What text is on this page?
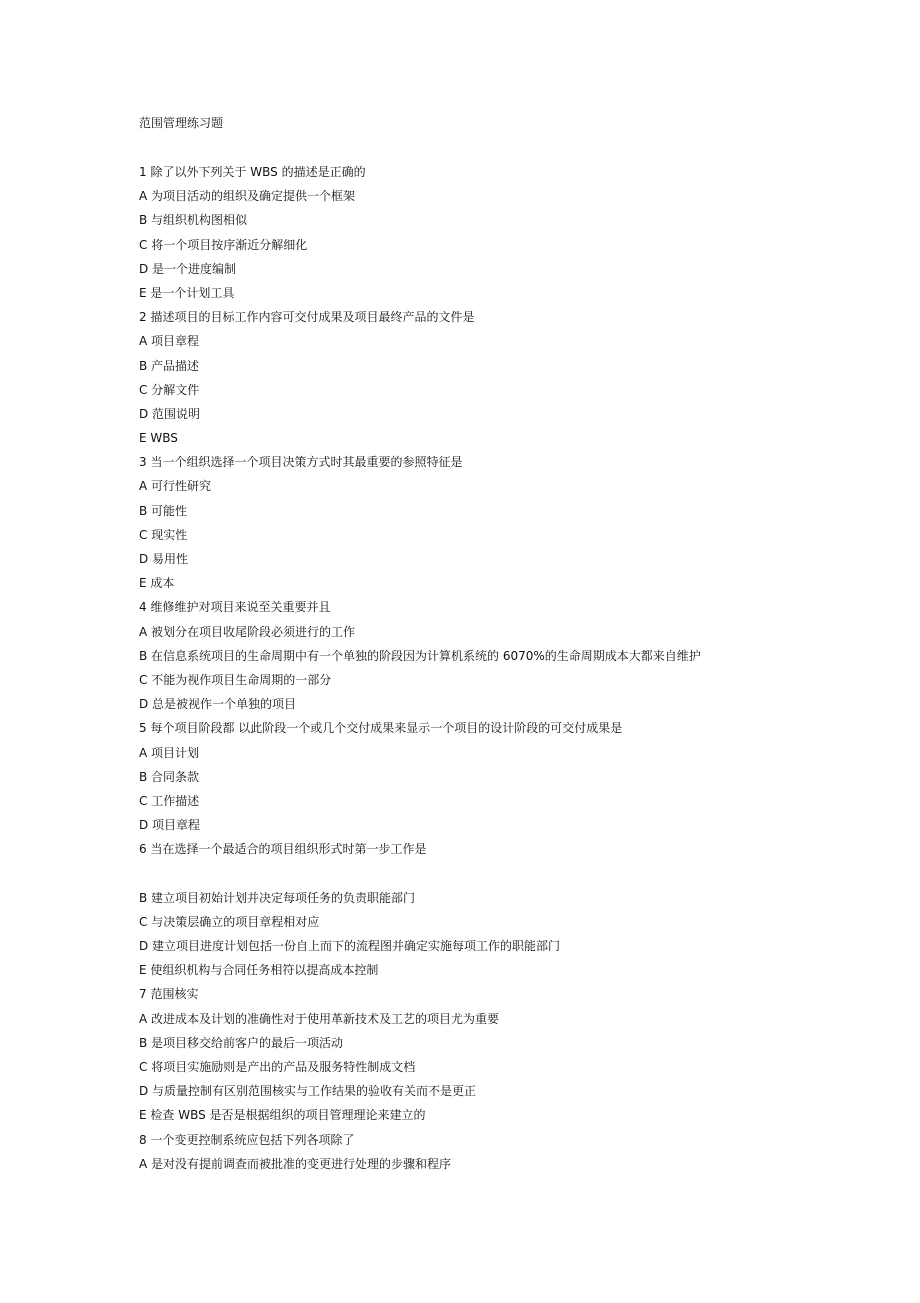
范围管理练习题
1 除了以外下列关于 WBS 的描述是正确的
A 为项目活动的组织及确定提供一个框架
B 与组织机构图相似
C 将一个项目按序渐近分解细化
D 是一个进度编制
E 是一个计划工具
2 描述项目的目标工作内容可交付成果及项目最终产品的文件是
A 项目章程
B 产品描述
C 分解文件
D 范围说明
E WBS
3 当一个组织选择一个项目决策方式时其最重要的参照特征是
A 可行性研究
B 可能性
C 现实性
D 易用性
E 成本
4 维修维护对项目来说至关重要并且
A 被划分在项目收尾阶段必须进行的工作
B 在信息系统项目的生命周期中有一个单独的阶段因为计算机系统的 6070%的生命周期成本大都来自维护
C 不能为视作项目生命周期的一部分
D 总是被视作一个单独的项目
5 每个项目阶段都 以此阶段一个或几个交付成果来显示一个项目的设计阶段的可交付成果是
A 项目计划
B 合同条款
C 工作描述
D 项目章程
6 当在选择一个最适合的项目组织形式时第一步工作是
B 建立项目初始计划并决定每项任务的负责职能部门
C 与决策层确立的项目章程相对应
D 建立项目进度计划包括一份自上而下的流程图并确定实施每项工作的职能部门
E 使组织机构与合同任务相符以提高成本控制
7 范围核实
A 改进成本及计划的准确性对于使用革新技术及工艺的项目尤为重要
B 是项目移交给前客户的最后一项活动
C 将项目实施励则是产出的产品及服务特性制成文档
D 与质量控制有区别范围核实与工作结果的验收有关而不是更正
E 检查 WBS 是否是根据组织的项目管理理论来建立的
8 一个变更控制系统应包括下列各项除了
A 是对没有提前调查而被批准的变更进行处理的步骤和程序
